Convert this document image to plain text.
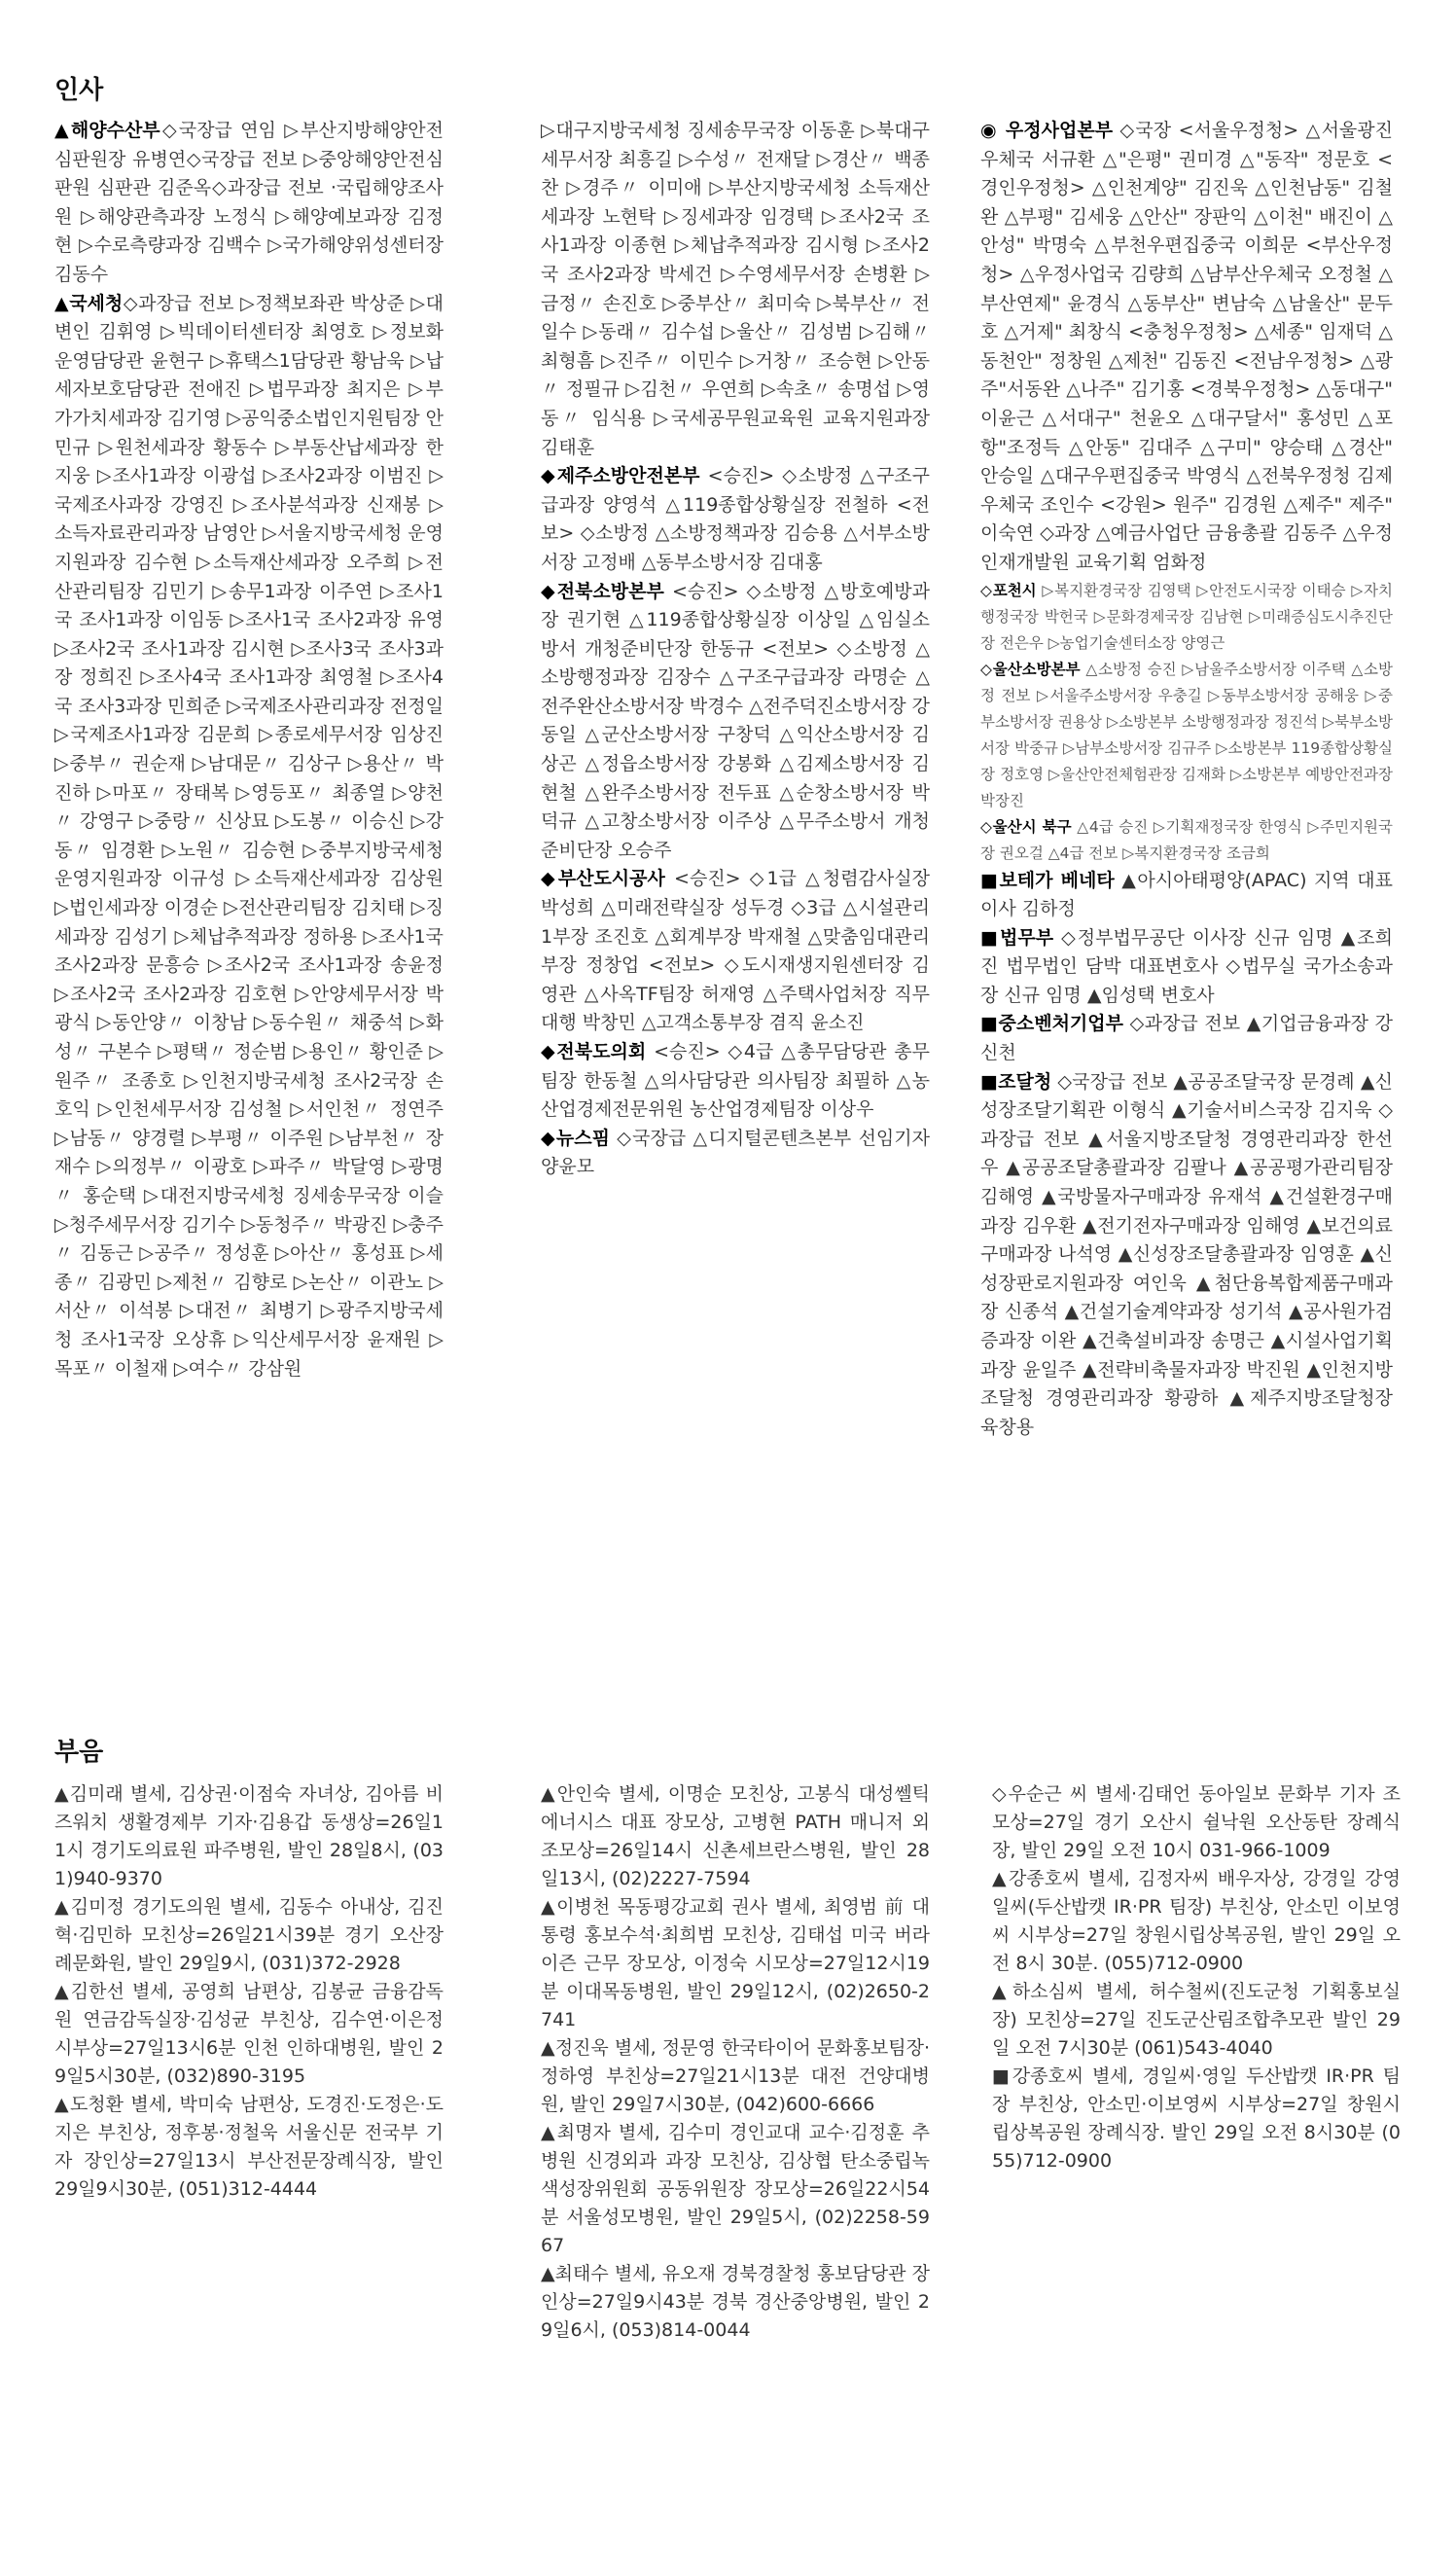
인사

▲해양수산부◇국장급 연임 ▷부산지방해양안전심판원장 유병연◇국장급 전보 ▷중앙해양안전심판원 심판관 김준옥◇과장급 전보 ·국립해양조사원 ▷해양관측과장 노정식 ▷해양예보과장 김정현 ▷수로측량과장 김백수 ▷국가해양위성센터장 김동수

▲국세청◇과장급 전보 ▷정책보좌관 박상준 ▷대변인 김휘영 ▷빅데이터센터장 최영호 ▷정보화운영담당관 윤현구 ▷휴택스1담당관 황남욱 ▷납세자보호담당관 전애진 ▷법무과장 최지은 ▷부가가치세과장 김기영 ▷공익중소법인지원팀장 안민규 ▷원천세과장 황동수 ▷부동산납세과장 한지웅 ▷조사1과장 이광섭 ▷조사2과장 이범진 ▷국제조사과장 강영진 ▷조사분석과장 신재봉 ▷소득자료관리과장 남영안 ▷서울지방국세청 운영지원과장 김수현 ▷소득재산세과장 오주희 ▷전산관리팀장 김민기 ▷송무1과장 이주연 ▷조사1국 조사1과장 이임동 ▷조사1국 조사2과장 유영 ▷조사2국 조사1과장 김시현 ▷조사3국 조사3과장 정희진 ▷조사4국 조사1과장 최영철 ▷조사4국 조사3과장 민희준 ▷국제조사관리과장 전정일 ▷국제조사1과장 김문희 ▷종로세무서장 임상진 ▷중부〃 권순재 ▷남대문〃 김상구 ▷용산〃 박진하 ▷마포〃 장태복 ▷영등포〃 최종열 ▷양천〃 강영구 ▷중랑〃 신상묘 ▷도봉〃 이승신 ▷강동〃 임경환 ▷노원〃 김승현 ▷중부지방국세청 운영지원과장 이규성 ▷소득재산세과장 김상원 ▷법인세과장 이경순 ▷전산관리팀장 김치태 ▷징세과장 김성기 ▷체납추적과장 정하용 ▷조사1국 조사2과장 문흥승 ▷조사2국 조사1과장 송윤정 ▷조사2국 조사2과장 김호현 ▷안양세무서장 박광식 ▷동안양〃 이창남 ▷동수원〃 채중석 ▷화성〃 구본수 ▷평택〃 정순범 ▷용인〃 황인준 ▷원주〃 조종호 ▷인천지방국세청 조사2국장 손호익 ▷인천세무서장 김성철 ▷서인천〃 정연주 ▷남동〃 양경렬 ▷부평〃 이주원 ▷남부천〃 장재수 ▷의정부〃 이광호 ▷파주〃 박달영 ▷광명〃 홍순택 ▷대전지방국세청 징세송무국장 이슬 ▷청주세무서장 김기수 ▷동청주〃 박광진 ▷충주〃 김동근 ▷공주〃 정성훈 ▷아산〃 홍성표 ▷세종〃 김광민 ▷제천〃 김향로 ▷논산〃 이관노 ▷서산〃 이석봉 ▷대전〃 최병기 ▷광주지방국세청 조사1국장 오상휴 ▷익산세무서장 윤재원 ▷목포〃 이철재 ▷여수〃 강삼원

▷대구지방국세청 징세송무국장 이동훈 ▷북대구세무서장 최흥길 ▷수성〃 전재달 ▷경산〃 백종찬 ▷경주〃 이미애 ▷부산지방국세청 소득재산세과장 노현탁 ▷징세과장 임경택 ▷조사2국 조사1과장 이종현 ▷체납추적과장 김시형 ▷조사2국 조사2과장 박세건 ▷수영세무서장 손병환 ▷금정〃 손진호 ▷중부산〃 최미숙 ▷북부산〃 전일수 ▷동래〃 김수섭 ▷울산〃 김성범 ▷김해〃 최형흠 ▷진주〃 이민수 ▷거창〃 조승현 ▷안동〃 정필규 ▷김천〃 우연희 ▷속초〃 송명섭 ▷영동〃 임식용 ▷국세공무원교육원 교육지원과장 김태훈

◆제주소방안전본부 <승진> ◇소방정 △구조구급과장 양영석 △119종합상황실장 전철하 <전보> ◇소방정 △소방정책과장 김승용 △서부소방서장 고정배 △동부소방서장 김대홍

◆전북소방본부 <승진> ◇소방정 △방호예방과장 권기현 △119종합상황실장 이상일 △임실소방서 개청준비단장 한동규 <전보> ◇소방정 △소방행정과장 김장수 △구조구급과장 라명순 △전주완산소방서장 박경수 △전주덕진소방서장 강동일 △군산소방서장 구창덕 △익산소방서장 김상곤 △정읍소방서장 강봉화 △김제소방서장 김현철 △완주소방서장 전두표 △순창소방서장 박덕규 △고창소방서장 이주상 △무주소방서 개청준비단장 오승주

◆부산도시공사 <승진> ◇1급 △청렴감사실장 박성희 △미래전략실장 성두경 ◇3급 △시설관리1부장 조진호 △회계부장 박재철 △맞춤임대관리부장 정창업 <전보> ◇도시재생지원센터장 김영관 △사옥TF팀장 허재영 △주택사업처장 직무대행 박창민 △고객소통부장 겸직 윤소진

◆전북도의회 <승진> ◇4급 △총무담당관 총무팀장 한동철 △의사담당관 의사팀장 최필하 △농산업경제전문위원 농산업경제팀장 이상우

◆뉴스핌 ◇국장급 △디지털콘텐츠본부 선임기자 양윤모

◉ 우정사업본부 ◇국장 <서울우정청> △서울광진우체국 서규환 △"은평" 권미경 △"동작" 정문호 <경인우정청> △인천계양" 김진욱 △인천남동" 김철완 △부평" 김세웅 △안산" 장판익 △이천" 배진이 △안성" 박명숙 △부천우편집중국 이희문 <부산우정청> △우정사업국 김량희 △남부산우체국 오정철 △부산연제" 윤경식 △동부산" 변남숙 △남울산" 문두호 △거제" 최창식 <충청우정청> △세종" 임재덕 △동천안" 정창원 △제천" 김동진 <전남우정청> △광주"서동완 △나주" 김기홍 <경북우정청> △동대구" 이윤근 △서대구" 천윤오 △대구달서" 홍성민 △포항"조정득 △안동" 김대주 △구미" 양승태 △경산" 안승일 △대구우편집중국 박영식 △전북우정청 김제우체국 조인수 <강원> 원주" 김경원 △제주" 제주" 이숙연 ◇과장 △예금사업단 금융총괄 김동주 △우정인재개발원 교육기획 엄화정

◇포천시 ▷복지환경국장 김영택 ▷안전도시국장 이태승 ▷자치행정국장 박헌국 ▷문화경제국장 김남현 ▷미래증심도시추진단장 전은우 ▷농업기술센터소장 양영근

◇울산소방본부 △소방정 승진 ▷남울주소방서장 이주택 △소방정 전보 ▷서울주소방서장 우충길 ▷동부소방서장 공해웅 ▷중부소방서장 권용상 ▷소방본부 소방행정과장 정진석 ▷북부소방서장 박중규 ▷남부소방서장 김규주 ▷소방본부 119종합상황실장 정호영 ▷울산안전체험관장 김재화 ▷소방본부 예방안전과장 박장진

◇울산시 북구 △4급 승진 ▷기획재정국장 한영식 ▷주민지원국장 권오걸 △4급 전보 ▷복지환경국장 조금희

■보테가 베네타 ▲아시아태평양(APAC) 지역 대표이사 김하정

■법무부 ◇정부법무공단 이사장 신규 임명 ▲조희진 법무법인 담박 대표변호사 ◇법무실 국가소송과장 신규 임명 ▲임성택 변호사

■중소벤처기업부 ◇과장급 전보 ▲기업금융과장 강신천

■조달청 ◇국장급 전보 ▲공공조달국장 문경례 ▲신성장조달기획관 이형식 ▲기술서비스국장 김지욱 ◇과장급 전보 ▲서울지방조달청 경영관리과장 한선우 ▲공공조달총괄과장 김팔나 ▲공공평가관리팀장 김해영 ▲국방물자구매과장 유재석 ▲건설환경구매과장 김우환 ▲전기전자구매과장 임해영 ▲보건의료구매과장 나석영 ▲신성장조달총괄과장 임영훈 ▲신성장판로지원과장 여인욱 ▲첨단융복합제품구매과장 신종석 ▲건설기술계약과장 성기석 ▲공사원가검증과장 이완 ▲건축설비과장 송명근 ▲시설사업기획과장 윤일주 ▲전략비축물자과장 박진원 ▲인천지방조달청 경영관리과장 황광하 ▲제주지방조달청장 육창용

부음

▲김미래 별세, 김상권·이점숙 자녀상, 김아름 비즈워치 생활경제부 기자·김용갑 동생상=26일11시 경기도의료원 파주병원, 발인 28일8시, (031)940-9370

▲김미정 경기도의원 별세, 김동수 아내상, 김진혁·김민하 모친상=26일21시39분 경기 오산장례문화원, 발인 29일9시, (031)372-2928

▲김한선 별세, 공영희 남편상, 김봉균 금융감독원 연금감독실장·김성균 부친상, 김수연·이은정 시부상=27일13시6분 인천 인하대병원, 발인 29일5시30분, (032)890-3195

▲도청환 별세, 박미숙 남편상, 도경진·도정은·도지은 부친상, 정후봉·정철욱 서울신문 전국부 기자 장인상=27일13시 부산전문장례식장, 발인 29일9시30분, (051)312-4444

▲안인숙 별세, 이명순 모친상, 고봉식 대성쎌틱에너시스 대표 장모상, 고병현 PATH 매니저 외조모상=26일14시 신촌세브란스병원, 발인 28일13시, (02)2227-7594

▲이병천 목동평강교회 권사 별세, 최영범 前 대통령 홍보수석·최희범 모친상, 김태섭 미국 버라이즌 근무 장모상, 이정숙 시모상=27일12시19분 이대목동병원, 발인 29일12시, (02)2650-2741

▲정진욱 별세, 정문영 한국타이어 문화홍보팀장·정하영 부친상=27일21시13분 대전 건양대병원, 발인 29일7시30분, (042)600-6666

▲최명자 별세, 김수미 경인교대 교수·김정훈 추병원 신경외과 과장 모친상, 김상협 탄소중립녹색성장위원회 공동위원장 장모상=26일22시54분 서울성모병원, 발인 29일5시, (02)2258-5967

▲최태수 별세, 유오재 경북경찰청 홍보담당관 장인상=27일9시43분 경북 경산중앙병원, 발인 29일6시, (053)814-0044

◇우순근 씨 별세·김태언 동아일보 문화부 기자 조모상=27일 경기 오산시 쉴낙원 오산동탄 장례식장, 발인 29일 오전 10시 031-966-1009

▲강종호씨 별세, 김정자씨 배우자상, 강경일 강영일씨(두산밥캣 IR·PR 팀장) 부친상, 안소민 이보영씨 시부상=27일 창원시립상복공원, 발인 29일 오전 8시 30분. (055)712-0900

▲하소심씨 별세, 허수철씨(진도군청 기획홍보실장) 모친상=27일 진도군산림조합추모관 발인 29일 오전 7시30분 (061)543-4040

■강종호씨 별세, 경일씨·영일 두산밥캣 IR·PR 팀장 부친상, 안소민·이보영씨 시부상=27일 창원시립상복공원 장례식장. 발인 29일 오전 8시30분 (055)712-0900
